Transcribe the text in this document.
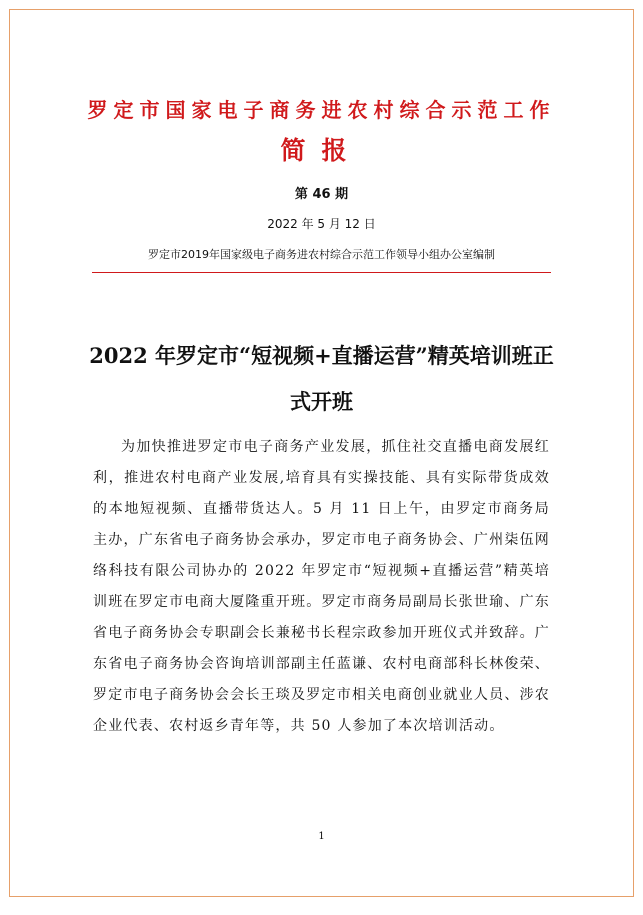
罗定市国家电子商务进农村综合示范工作
简报
第 46 期
2022 年 5 月 12 日
罗定市2019年国家级电子商务进农村综合示范工作领导小组办公室编制
2022 年罗定市“短视频+直播运营”精英培训班正式开班
为加快推进罗定市电子商务产业发展，抓住社交直播电商发展红利，推进农村电商产业发展,培育具有实操技能、具有实际带货成效的本地短视频、直播带货达人。5 月 11 日上午，由罗定市商务局主办，广东省电子商务协会承办，罗定市电子商务协会、广州柒伍网络科技有限公司协办的 2022 年罗定市“短视频+直播运营”精英培训班在罗定市电商大厦隆重开班。罗定市商务局副局长张世瑜、广东省电子商务协会专职副会长兼秘书长程宗政参加开班仪式并致辞。广东省电子商务协会咨询培训部副主任蓝谦、农村电商部科长林俊荣、罗定市电子商务协会会长王琰及罗定市相关电商创业就业人员、涉农企业代表、农村返乡青年等，共 50 人参加了本次培训活动。
1
